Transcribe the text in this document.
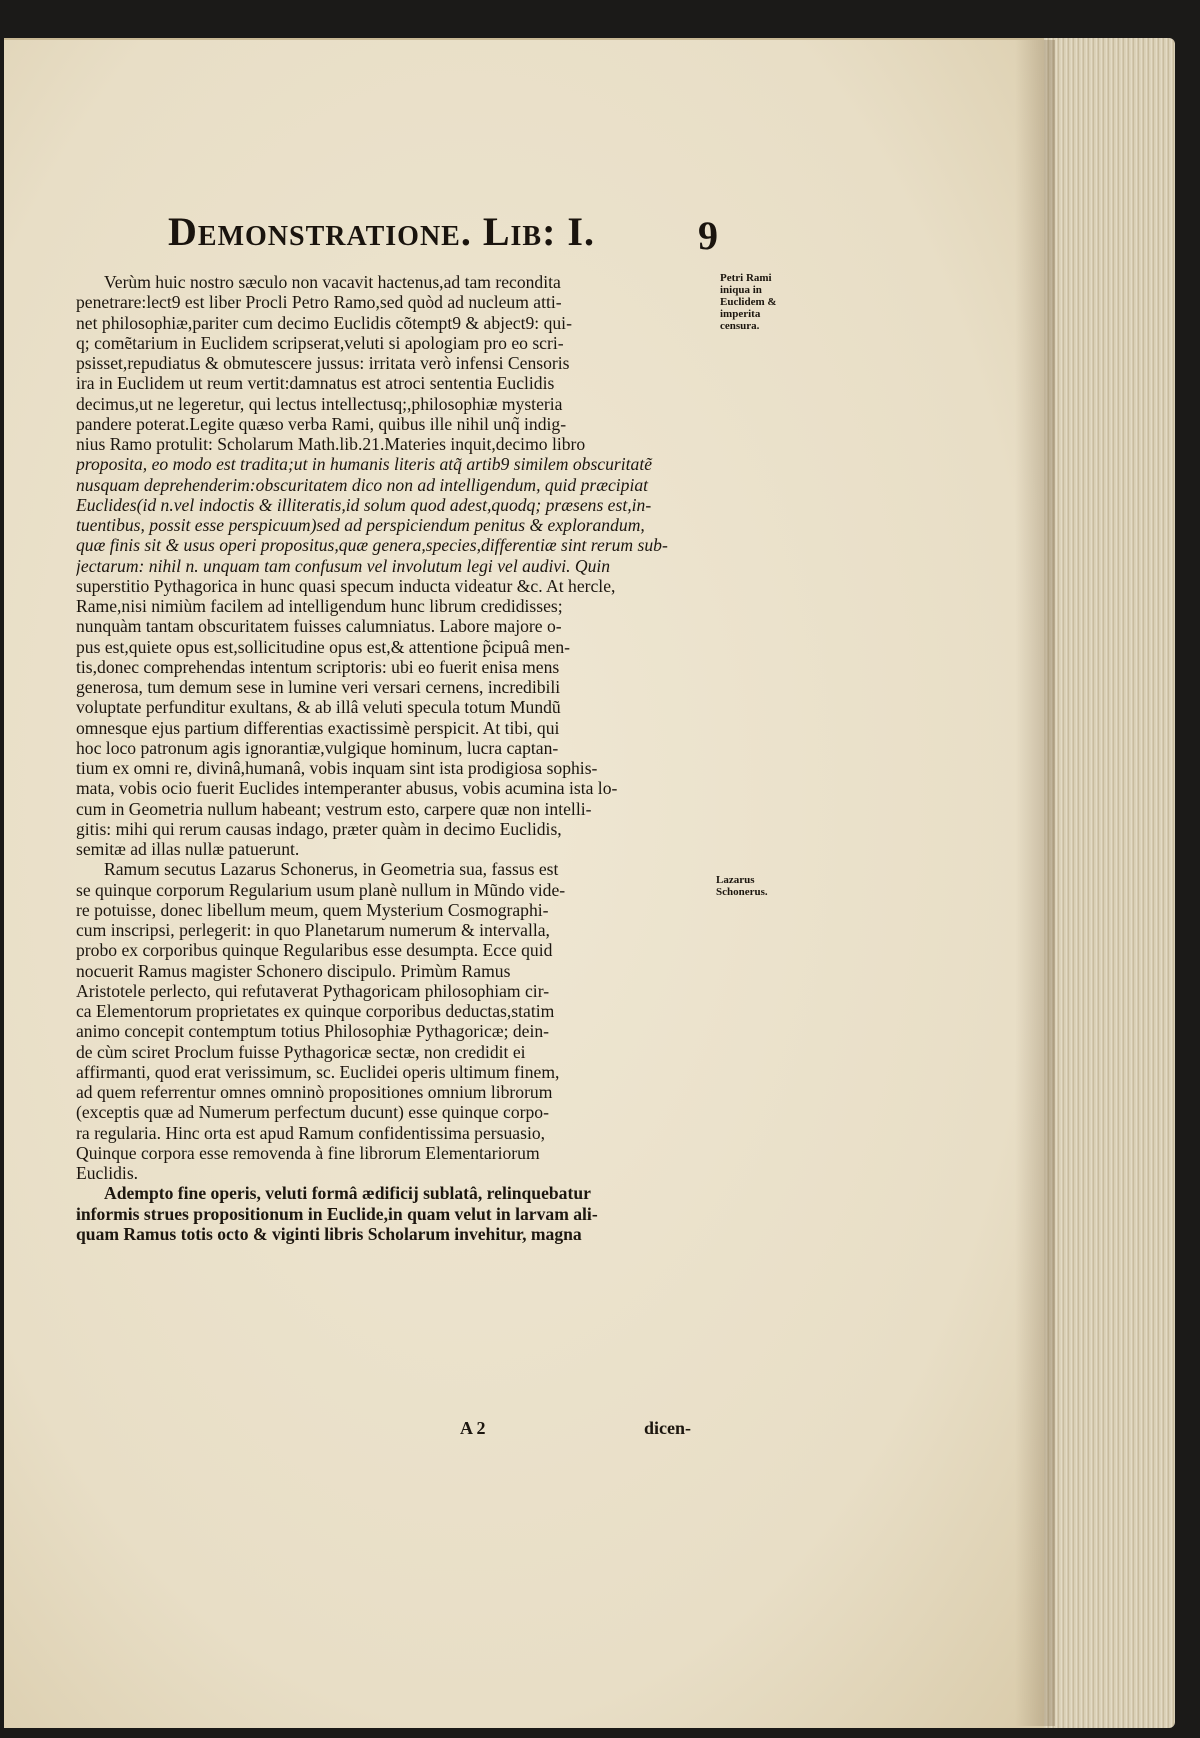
Demonstratione. Lib: I.	9
Verùm huic nostro sæculo non vacavit hactenus,ad tam recondita
penetrare:lect9 est liber Procli Petro Ramo,sed quòd ad nucleum atti-
net philosophiæ,pariter cum decimo Euclidis cõtempt9 & abject9: qui-
q; comẽtarium in Euclidem scripserat,veluti si apologiam pro eo scri-
psisset,repudiatus & obmutescere jussus: irritata verò infensi Censoris
ira in Euclidem ut reum vertit:damnatus est atroci sententia Euclidis
decimus,ut ne legeretur, qui lectus intellectusq;,philosophiæ mysteria
pandere poterat.Legite quæso verba Rami, quibus ille nihil unq̃ indig-
nius Ramo protulit: Scholarum Math.lib.21.Materies inquit,decimo libro
proposita, eo modo est tradita;ut in humanis literis atq̃ artib9 similem obscuritatẽ
nusquam deprehenderim:obscuritatem dico non ad intelligendum, quid præcipiat
Euclides(id n.vel indoctis & illiteratis,id solum quod adest,quodq; præsens est,in-
tuentibus, possit esse perspicuum)sed ad perspiciendum penitus & explorandum,
quæ finis sit & usus operi propositus,quæ genera,species,differentiæ sint rerum sub-
jectarum: nihil n. unquam tam confusum vel involutum legi vel audivi. Quin
superstitio Pythagorica in hunc quasi specum inducta videatur &c. At hercle,
Rame,nisi nimiùm facilem ad intelligendum hunc librum credidisses;
nunquàm tantam obscuritatem fuisses calumniatus. Labore majore o-
pus est,quiete opus est,sollicitudine opus est,& attentione p̃cipuâ men-
tis,donec comprehendas intentum scriptoris: ubi eo fuerit enisa mens
generosa, tum demum sese in lumine veri versari cernens, incredibili
voluptate perfunditur exultans, & ab illâ veluti specula totum Mundũ
omnesque ejus partium differentias exactissimè perspicit. At tibi, qui
hoc loco patronum agis ignorantiæ,vulgique hominum, lucra captan-
tium ex omni re, divinâ,humanâ, vobis inquam sint ista prodigiosa sophis-
mata, vobis ocio fuerit Euclides intemperanter abusus, vobis acumina ista lo-
cum in Geometria nullum habeant; vestrum esto, carpere quæ non intelli-
gitis: mihi qui rerum causas indago, præter quàm in decimo Euclidis,
semitæ ad illas nullæ patuerunt.
Ramum secutus Lazarus Schonerus, in Geometria sua, fassus est
se quinque corporum Regularium usum planè nullum in Mũndo vide-
re potuisse, donec libellum meum, quem Mysterium Cosmographi-
cum inscripsi, perlegerit: in quo Planetarum numerum & intervalla,
probo ex corporibus quinque Regularibus esse desumpta. Ecce quid
nocuerit Ramus magister Schonero discipulo. Primùm Ramus
Aristotele perlecto, qui refutaverat Pythagoricam philosophiam cir-
ca Elementorum proprietates ex quinque corporibus deductas,statim
animo concepit contemptum totius Philosophiæ Pythagoricæ; dein-
de cùm sciret Proclum fuisse Pythagoricæ sectæ, non credidit ei
affirmanti, quod erat verissimum, sc. Euclidei operis ultimum finem,
ad quem referrentur omnes omninò propositiones omnium librorum
(exceptis quæ ad Numerum perfectum ducunt) esse quinque corpo-
ra regularia. Hinc orta est apud Ramum confidentissima persuasio,
Quinque corpora esse removenda à fine librorum Elementariorum
Euclidis.
Adempto fine operis, veluti formâ ædificij sublatâ, relinquebatur
informis strues propositionum in Euclide,in quam velut in larvam ali-
quam Ramus totis octo & viginti libris Scholarum invehitur, magna
Petri Rami iniqua in Euclidem & imperita censura.
Lazarus Schonerus.
A 2	dicen-
